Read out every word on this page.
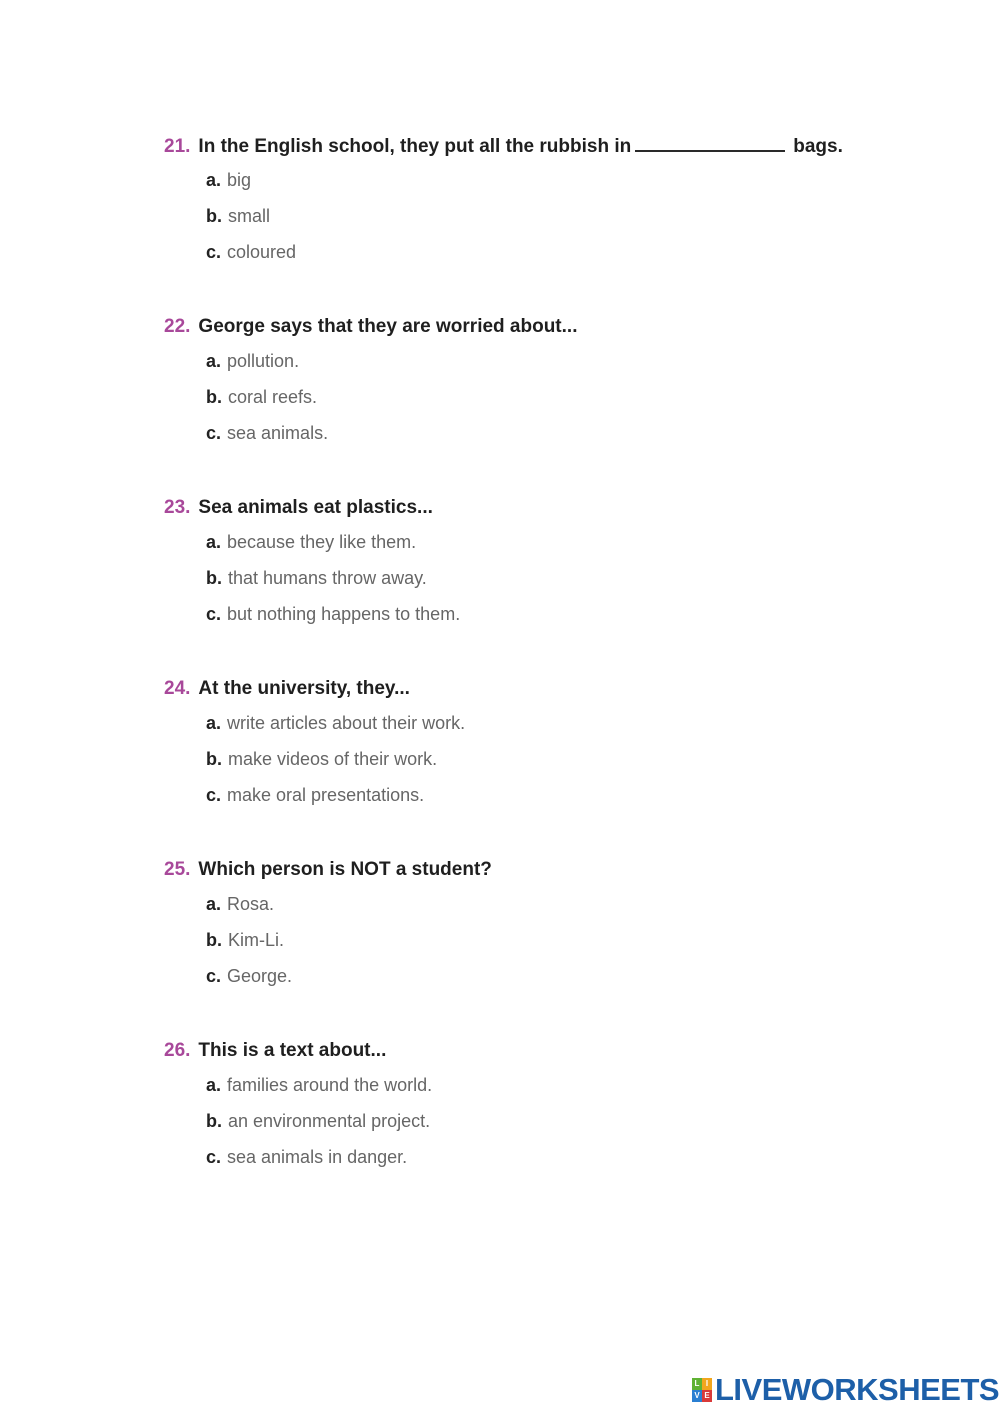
21. In the English school, they put all the rubbish in	bags.
a. big
b. small
c. coloured
22. George says that they are worried about...
a. pollution.
b. coral reefs.
c. sea animals.
23. Sea animals eat plastics...
a. because they like them.
b. that humans throw away.
c. but nothing happens to them.
24. At the university, they...
a. write articles about their work.
b. make videos of their work.
c. make oral presentations.
25. Which person is NOT a student?
a. Rosa.
b. Kim-Li.
c. George.
26. This is a text about...
a. families around the world.
b. an environmental project.
c. sea animals in danger.
L I
V E LIVEWORKSHEETS
